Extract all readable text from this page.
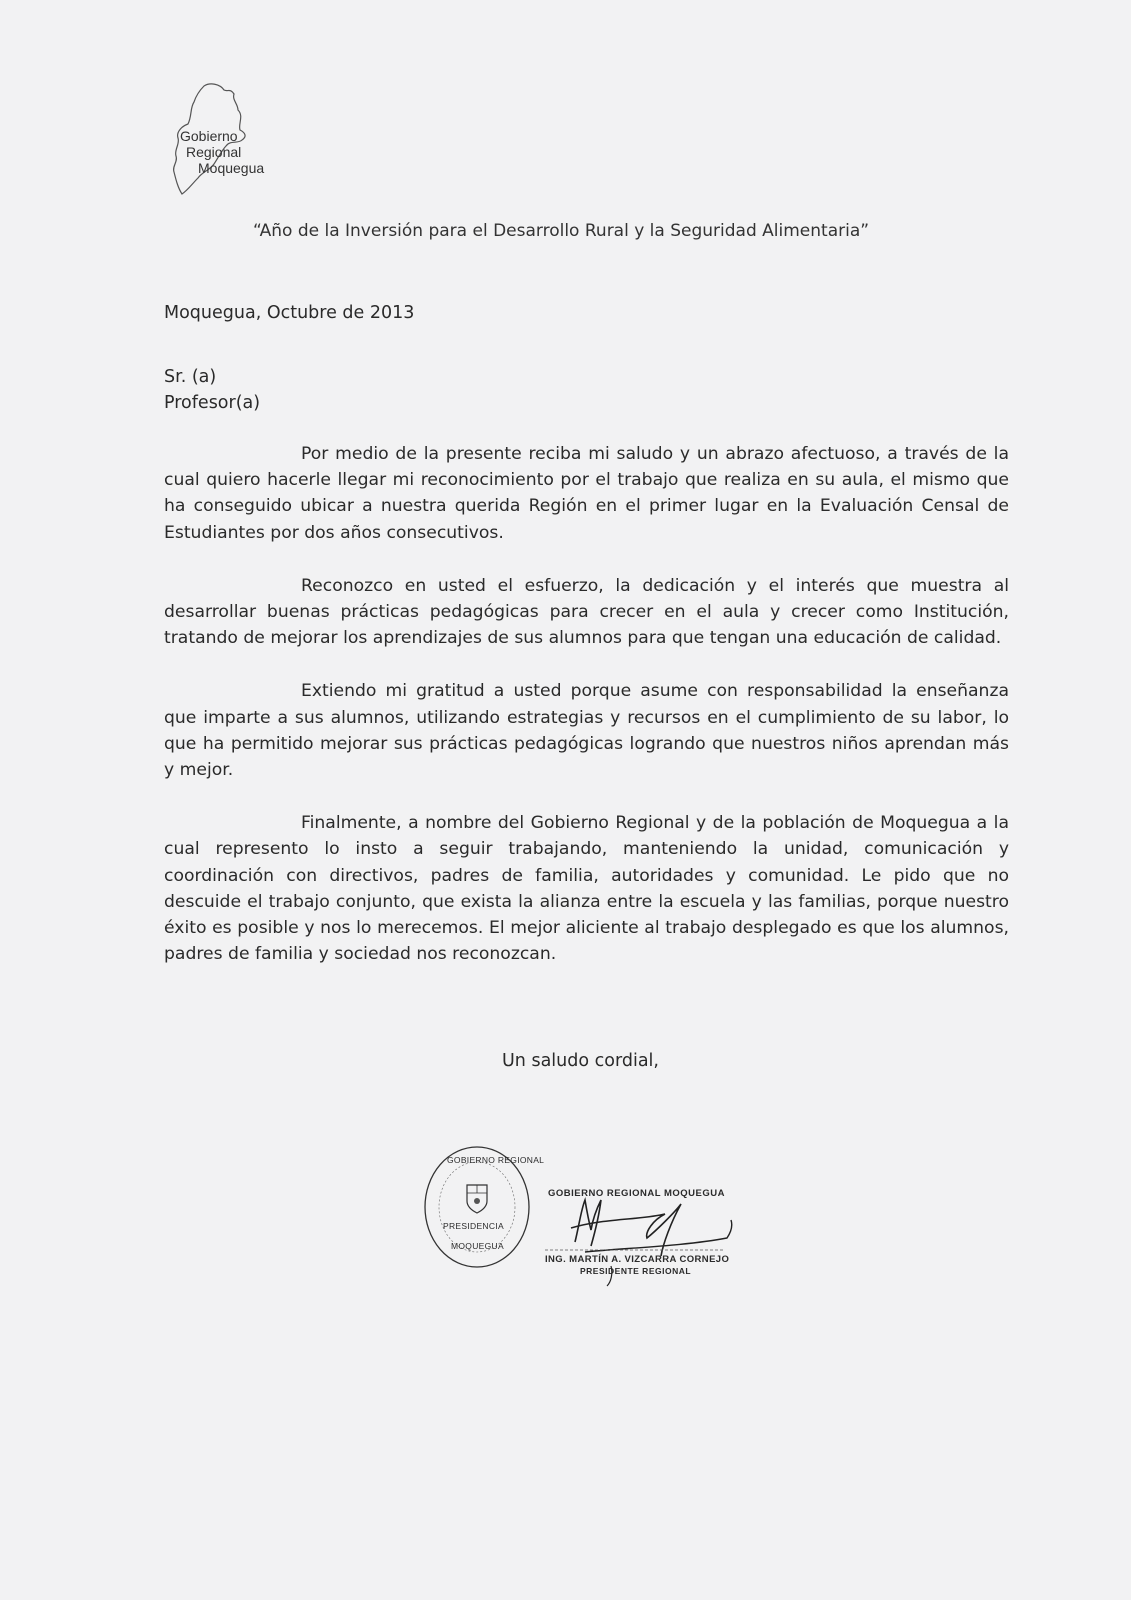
Gobierno
Regional
Moquegua
“Año de la Inversión para el Desarrollo Rural y la Seguridad Alimentaria”
Moquegua, Octubre de 2013
Sr. (a)
Profesor(a)

Por medio de la presente reciba mi saludo y un abrazo afectuoso, a través de la cual quiero hacerle llegar mi reconocimiento por el trabajo que realiza en su aula, el mismo que ha conseguido ubicar a nuestra querida Región en el primer lugar en la Evaluación Censal de Estudiantes por dos años consecutivos.

Reconozco en usted el esfuerzo, la dedicación y el interés que muestra al desarrollar buenas prácticas pedagógicas para crecer en el aula y crecer como Institución, tratando de mejorar los aprendizajes de sus alumnos para que tengan una educación de calidad.

Extiendo mi gratitud a usted porque asume con responsabilidad la enseñanza que imparte a sus alumnos, utilizando estrategias y recursos en el cumplimiento de su labor, lo que ha permitido mejorar sus prácticas pedagógicas logrando que nuestros niños aprendan más y mejor.

Finalmente, a nombre del Gobierno Regional y de la población de Moquegua a la cual represento lo insto a seguir trabajando, manteniendo la unidad, comunicación y coordinación con directivos, padres de familia, autoridades y comunidad. Le pido que no descuide el trabajo conjunto, que exista la alianza entre la escuela y las familias, porque nuestro éxito es posible y nos lo merecemos. El mejor aliciente al trabajo desplegado es que los alumnos, padres de familia y sociedad nos reconozcan.

Un saludo cordial,
GOBIERNO REGIONAL
PRESIDENCIA
MOQUEGUA
GOBIERNO REGIONAL MOQUEGUA
ING. MARTÍN A. VIZCARRA CORNEJO
PRESIDENTE REGIONAL
